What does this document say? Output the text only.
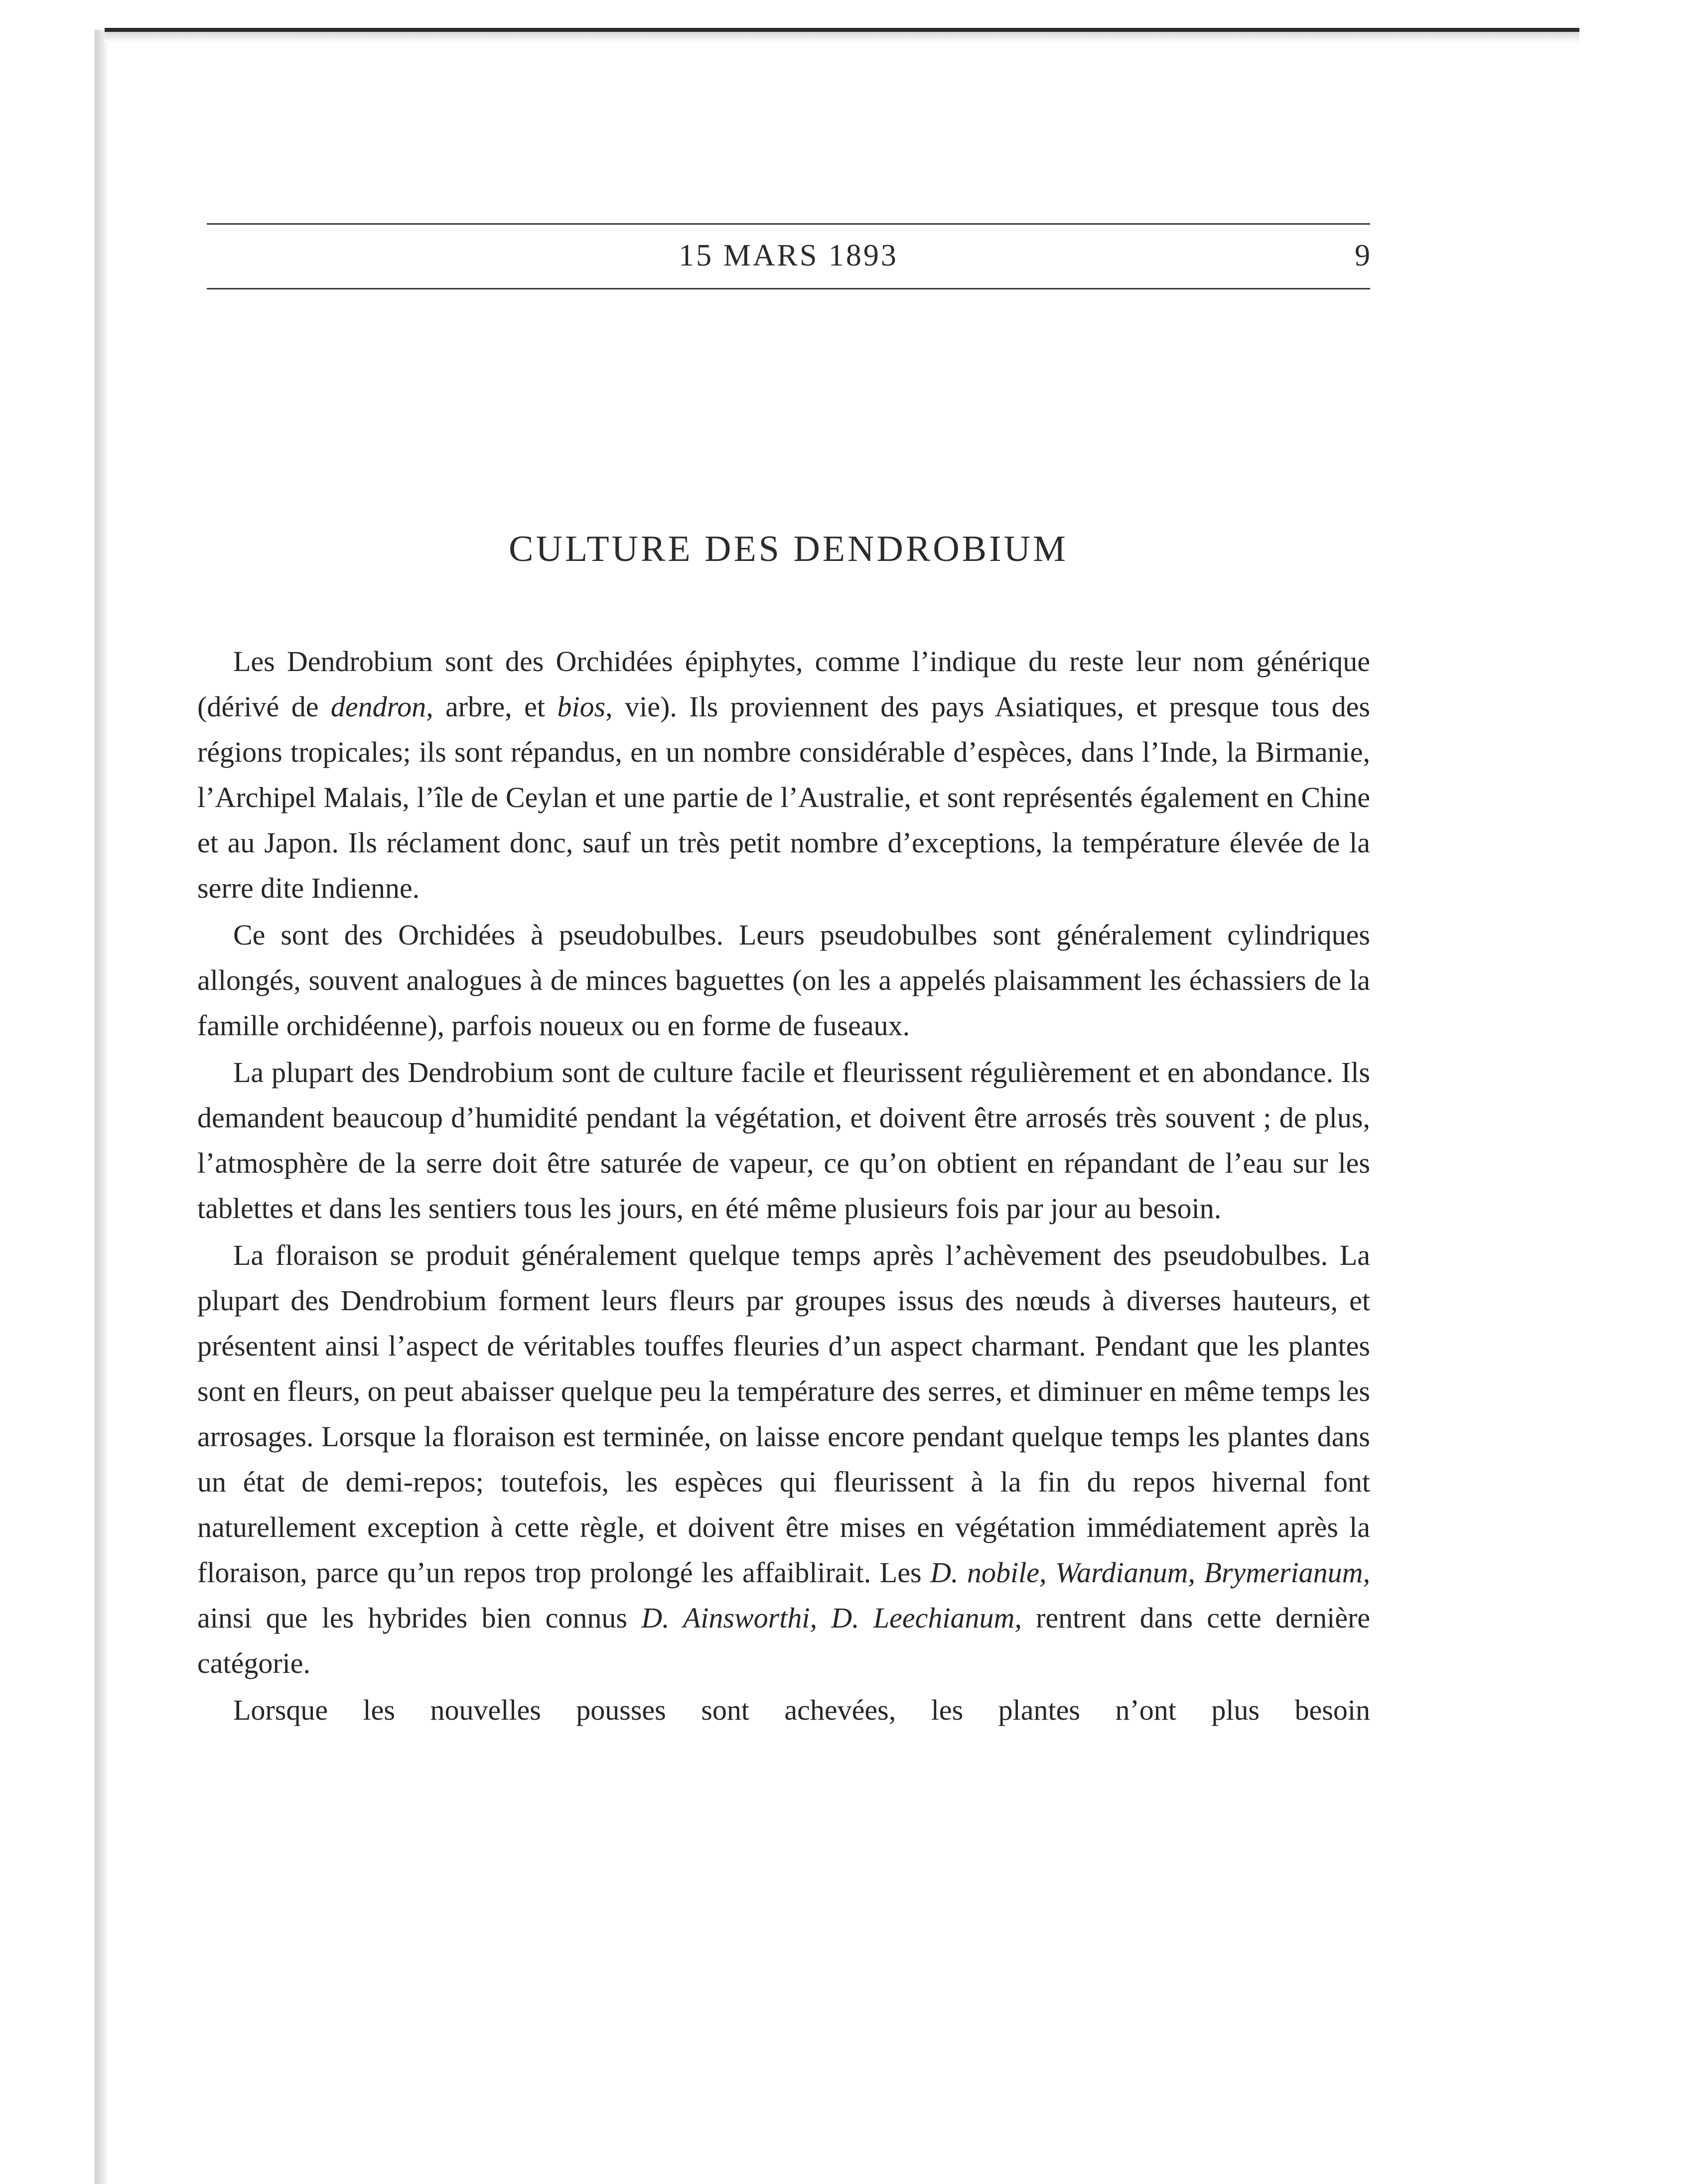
15 MARS 1893	9
CULTURE DES DENDROBIUM

Les Dendrobium sont des Orchidées épiphytes, comme l’indique du reste leur nom générique (dérivé de dendron, arbre, et bios, vie). Ils proviennent des pays Asiatiques, et presque tous des régions tropicales; ils sont répandus, en un nombre considérable d’espèces, dans l’Inde, la Birmanie, l’Archipel Malais, l’île de Ceylan et une partie de l’Australie, et sont représentés également en Chine et au Japon. Ils réclament donc, sauf un très petit nombre d’exceptions, la température élevée de la serre dite Indienne.

Ce sont des Orchidées à pseudobulbes. Leurs pseudobulbes sont généralement cylindriques allongés, souvent analogues à de minces baguettes (on les a appelés plaisamment les échassiers de la famille orchidéenne), parfois noueux ou en forme de fuseaux.

La plupart des Dendrobium sont de culture facile et fleurissent régulièrement et en abondance. Ils demandent beaucoup d’humidité pendant la végétation, et doivent être arrosés très souvent ; de plus, l’atmosphère de la serre doit être saturée de vapeur, ce qu’on obtient en répandant de l’eau sur les tablettes et dans les sentiers tous les jours, en été même plusieurs fois par jour au besoin.

La floraison se produit généralement quelque temps après l’achèvement des pseudobulbes. La plupart des Dendrobium forment leurs fleurs par groupes issus des nœuds à diverses hauteurs, et présentent ainsi l’aspect de véritables touffes fleuries d’un aspect charmant. Pendant que les plantes sont en fleurs, on peut abaisser quelque peu la température des serres, et diminuer en même temps les arrosages. Lorsque la floraison est terminée, on laisse encore pendant quelque temps les plantes dans un état de demi-repos; toutefois, les espèces qui fleurissent à la fin du repos hivernal font naturellement exception à cette règle, et doivent être mises en végétation immédiatement après la floraison, parce qu’un repos trop prolongé les affaiblirait. Les D. nobile, Wardianum, Brymerianum, ainsi que les hybrides bien connus D. Ainsworthi, D. Leechianum, rentrent dans cette dernière catégorie.

Lorsque les nouvelles pousses sont achevées, les plantes n’ont plus besoin
